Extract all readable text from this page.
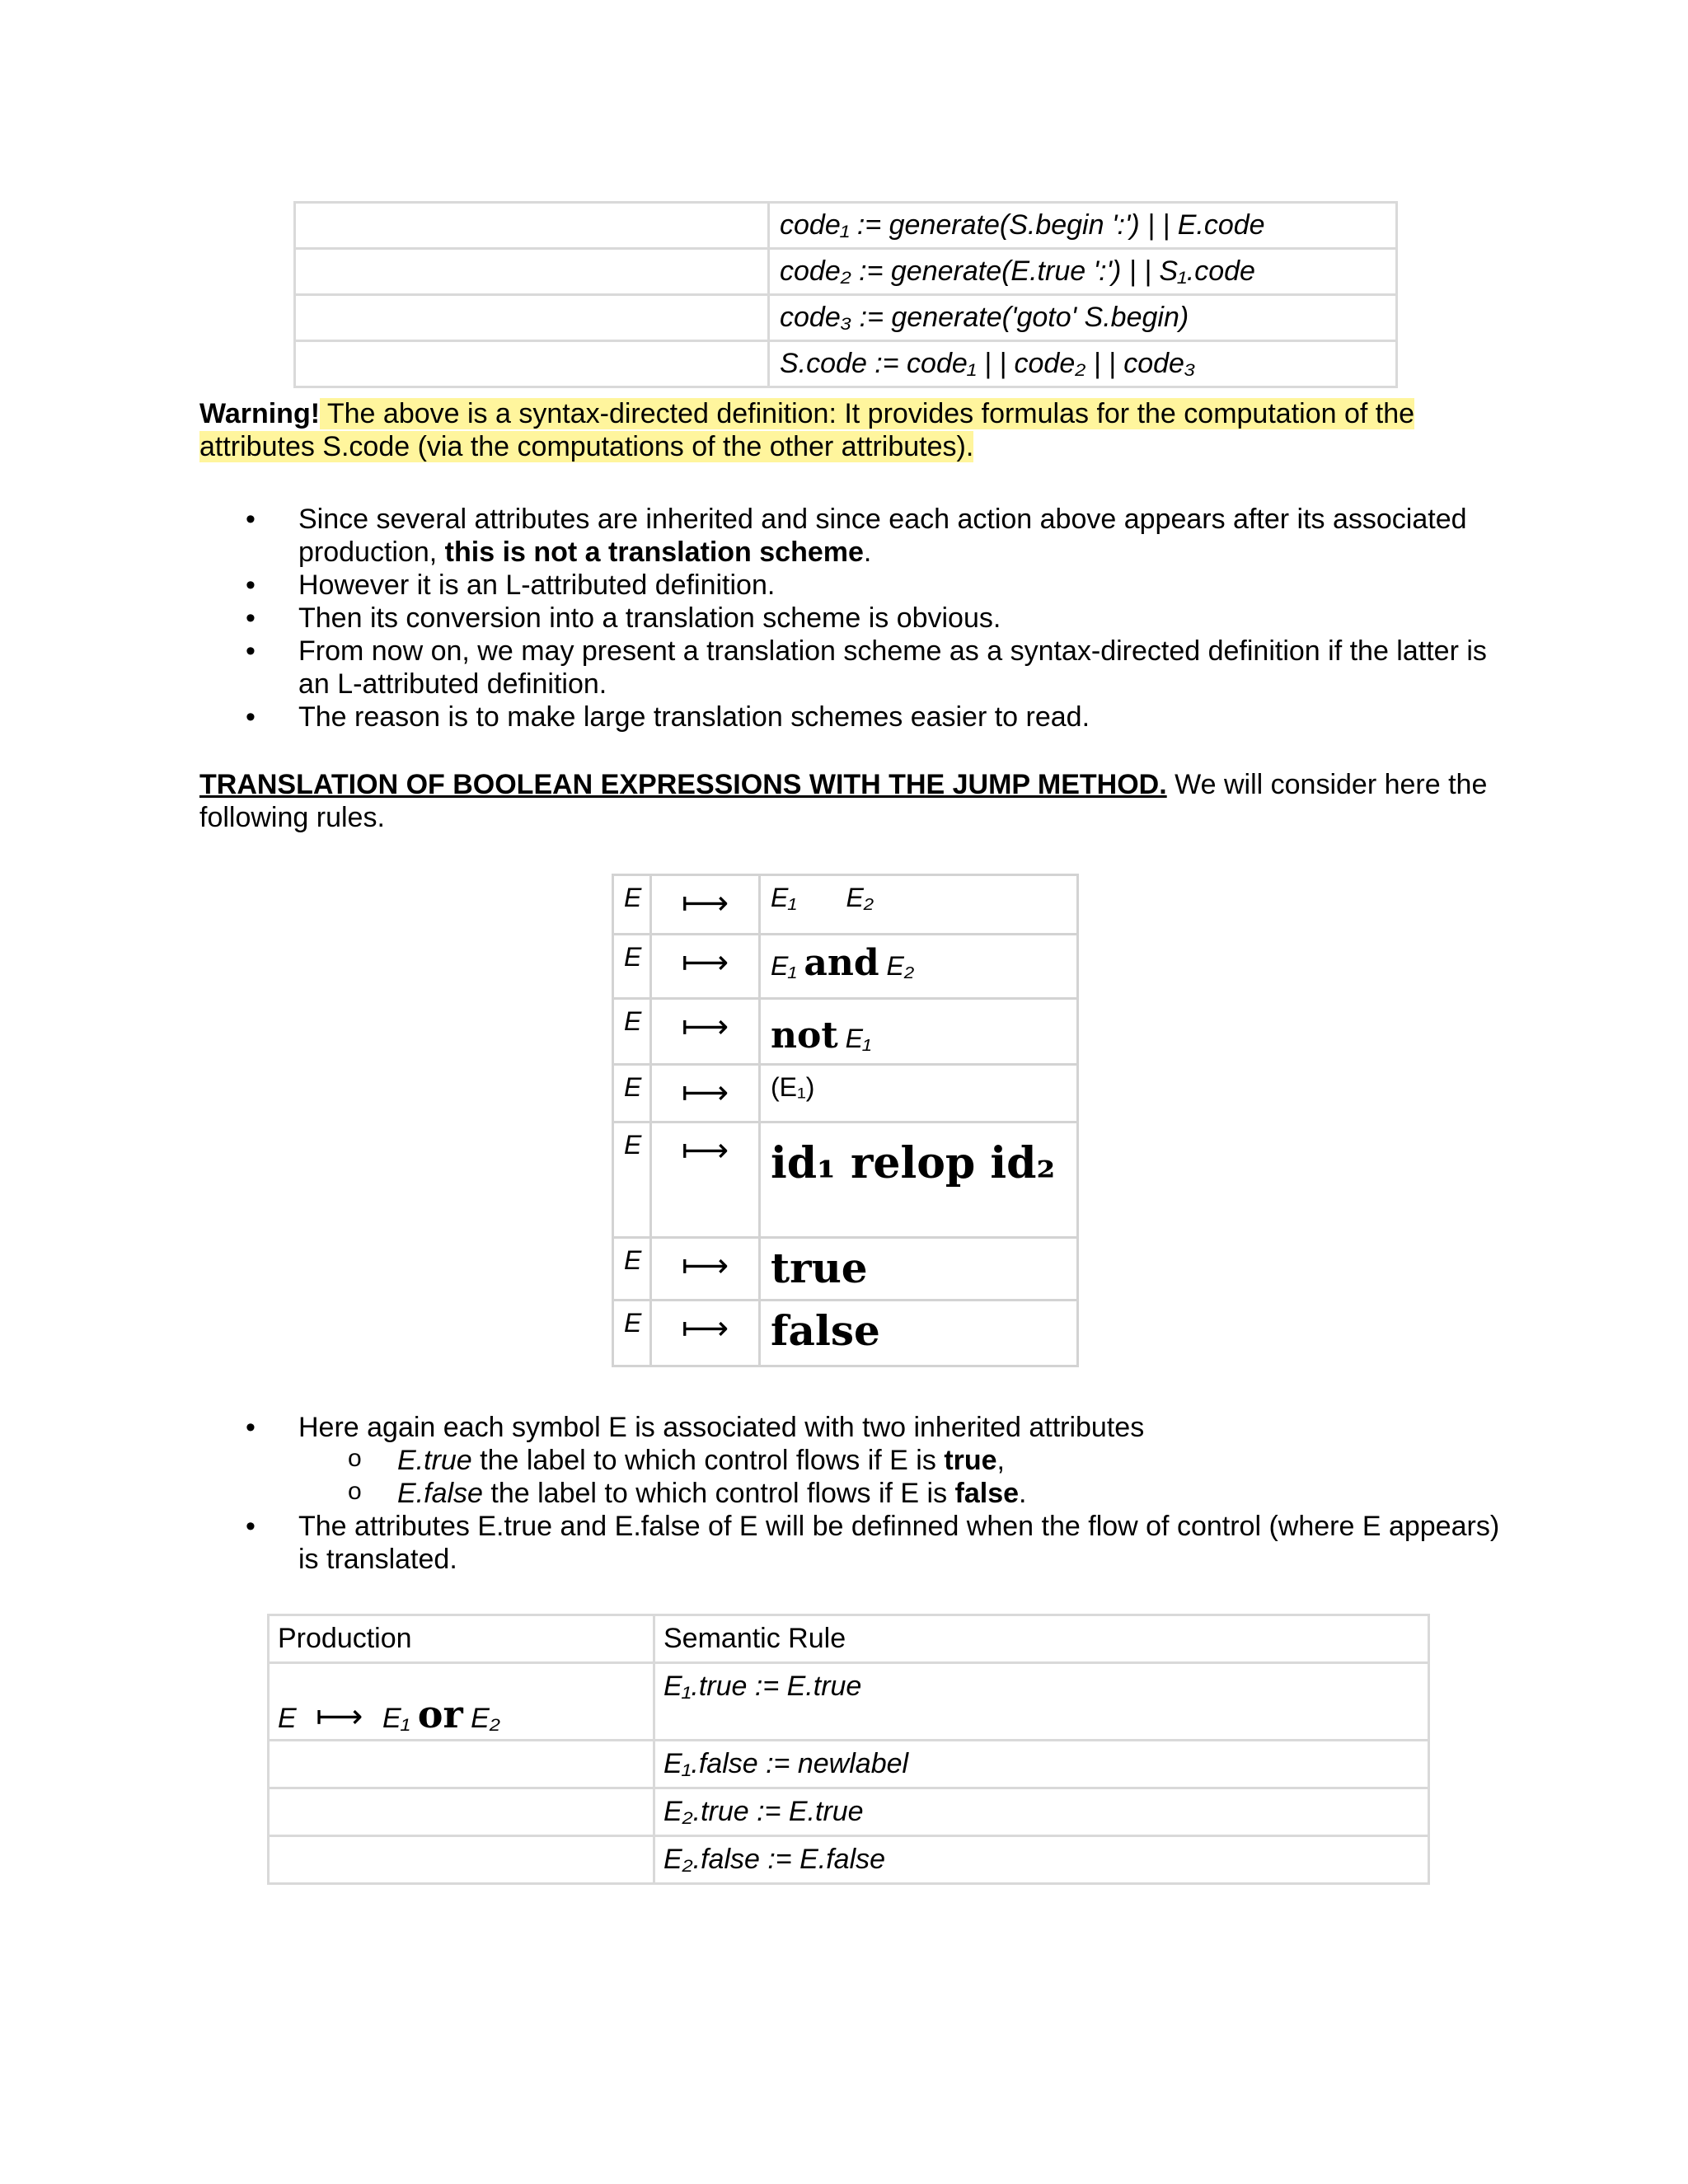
	code₁ := generate(S.begin ':') | | E.code
	code₂ := generate(E.true ':') | | S₁.code
	code₃ := generate('goto' S.begin)
	S.code := code₁ | | code₂ | | code₃
Warning! The above is a syntax-directed definition: It provides formulas for the computation of the
attributes S.code (via the computations of the other attributes).
• Since several attributes are inherited and since each action above appears after its associated
production, this is not a translation scheme.
• However it is an L-attributed definition.
• Then its conversion into a translation scheme is obvious.
• From now on, we may present a translation scheme as a syntax-directed definition if the latter is
an L-attributed definition.
• The reason is to make large translation schemes easier to read.
TRANSLATION OF BOOLEAN EXPRESSIONS WITH THE JUMP METHOD. We will consider here the
following rules.
E	⟼	E₁ E₂
E	⟼	E₁ and E₂
E	⟼	not E₁
E	⟼	(E₁)
E	⟼	id₁ relop id₂
E	⟼	true
E	⟼	false
• Here again each symbol E is associated with two inherited attributes
o E.true the label to which control flows if E is true,
o E.false the label to which control flows if E is false.
• The attributes E.true and E.false of E will be definned when the flow of control (where E appears)
is translated.
Production	Semantic Rule
E ⟼ E₁ or E₂	E₁.true := E.true
	E₁.false := newlabel
	E₂.true := E.true
	E₂.false := E.false
